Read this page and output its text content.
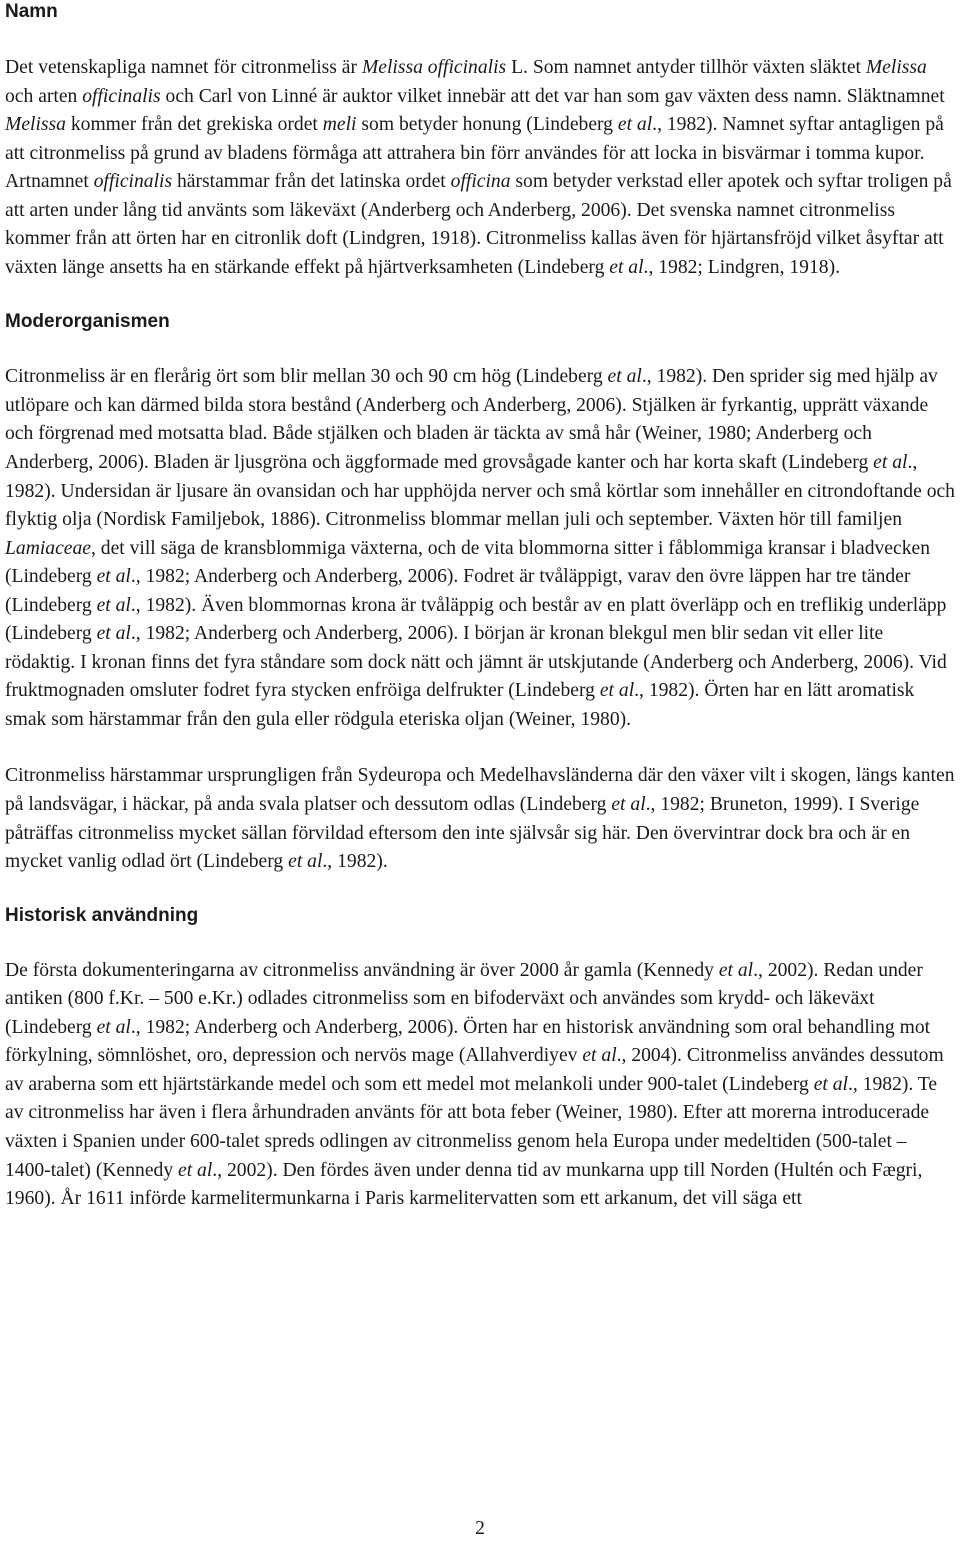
Namn

Det vetenskapliga namnet för citronmeliss är Melissa officinalis L. Som namnet antyder tillhör växten släktet Melissa och arten officinalis och Carl von Linné är auktor vilket innebär att det var han som gav växten dess namn. Släktnamnet Melissa kommer från det grekiska ordet meli som betyder honung (Lindeberg et al., 1982). Namnet syftar antagligen på att citronmeliss på grund av bladens förmåga att attrahera bin förr användes för att locka in bisvärmar i tomma kupor. Artnamnet officinalis härstammar från det latinska ordet officina som betyder verkstad eller apotek och syftar troligen på att arten under lång tid använts som läkeväxt (Anderberg och Anderberg, 2006). Det svenska namnet citronmeliss kommer från att örten har en citronlik doft (Lindgren, 1918). Citronmeliss kallas även för hjärtansfröjd vilket åsyftar att växten länge ansetts ha en stärkande effekt på hjärtverksamheten (Lindeberg et al., 1982; Lindgren, 1918).

Moderorganismen

Citronmeliss är en flerårig ört som blir mellan 30 och 90 cm hög (Lindeberg et al., 1982). Den sprider sig med hjälp av utlöpare och kan därmed bilda stora bestånd (Anderberg och Anderberg, 2006). Stjälken är fyrkantig, upprätt växande och förgrenad med motsatta blad. Både stjälken och bladen är täckta av små hår (Weiner, 1980; Anderberg och Anderberg, 2006). Bladen är ljusgröna och äggformade med grovsågade kanter och har korta skaft (Lindeberg et al., 1982). Undersidan är ljusare än ovansidan och har upphöjda nerver och små körtlar som innehåller en citrondoftande och flyktig olja (Nordisk Familjebok, 1886). Citronmeliss blommar mellan juli och september. Växten hör till familjen Lamiaceae, det vill säga de kransblommiga växterna, och de vita blommorna sitter i fåblommiga kransar i bladvecken (Lindeberg et al., 1982; Anderberg och Anderberg, 2006). Fodret är tvåläppigt, varav den övre läppen har tre tänder (Lindeberg et al., 1982). Även blommornas krona är tvåläppig och består av en platt överläpp och en treflikig underläpp (Lindeberg et al., 1982; Anderberg och Anderberg, 2006). I början är kronan blekgul men blir sedan vit eller lite rödaktig. I kronan finns det fyra ståndare som dock nätt och jämnt är utskjutande (Anderberg och Anderberg, 2006). Vid fruktmognaden omsluter fodret fyra stycken enfröiga delfrukter (Lindeberg et al., 1982). Örten har en lätt aromatisk smak som härstammar från den gula eller rödgula eteriska oljan (Weiner, 1980).

Citronmeliss härstammar ursprungligen från Sydeuropa och Medelhavsländerna där den växer vilt i skogen, längs kanten på landsvägar, i häckar, på anda svala platser och dessutom odlas (Lindeberg et al., 1982; Bruneton, 1999). I Sverige påträffas citronmeliss mycket sällan förvildad eftersom den inte självsår sig här. Den övervintrar dock bra och är en mycket vanlig odlad ört (Lindeberg et al., 1982).

Historisk användning

De första dokumenteringarna av citronmeliss användning är över 2000 år gamla (Kennedy et al., 2002). Redan under antiken (800 f.Kr. – 500 e.Kr.) odlades citronmeliss som en bifoderväxt och användes som krydd- och läkeväxt (Lindeberg et al., 1982; Anderberg och Anderberg, 2006). Örten har en historisk användning som oral behandling mot förkylning, sömnlöshet, oro, depression och nervös mage (Allahverdiyev et al., 2004). Citronmeliss användes dessutom av araberna som ett hjärtstärkande medel och som ett medel mot melankoli under 900-talet (Lindeberg et al., 1982). Te av citronmeliss har även i flera århundraden använts för att bota feber (Weiner, 1980). Efter att morerna introducerade växten i Spanien under 600-talet spreds odlingen av citronmeliss genom hela Europa under medeltiden (500-talet – 1400-talet) (Kennedy et al., 2002). Den fördes även under denna tid av munkarna upp till Norden (Hultén och Fægri, 1960). År 1611 införde karmelitermunkarna i Paris karmelitervatten som ett arkanum, det vill säga ett

2
